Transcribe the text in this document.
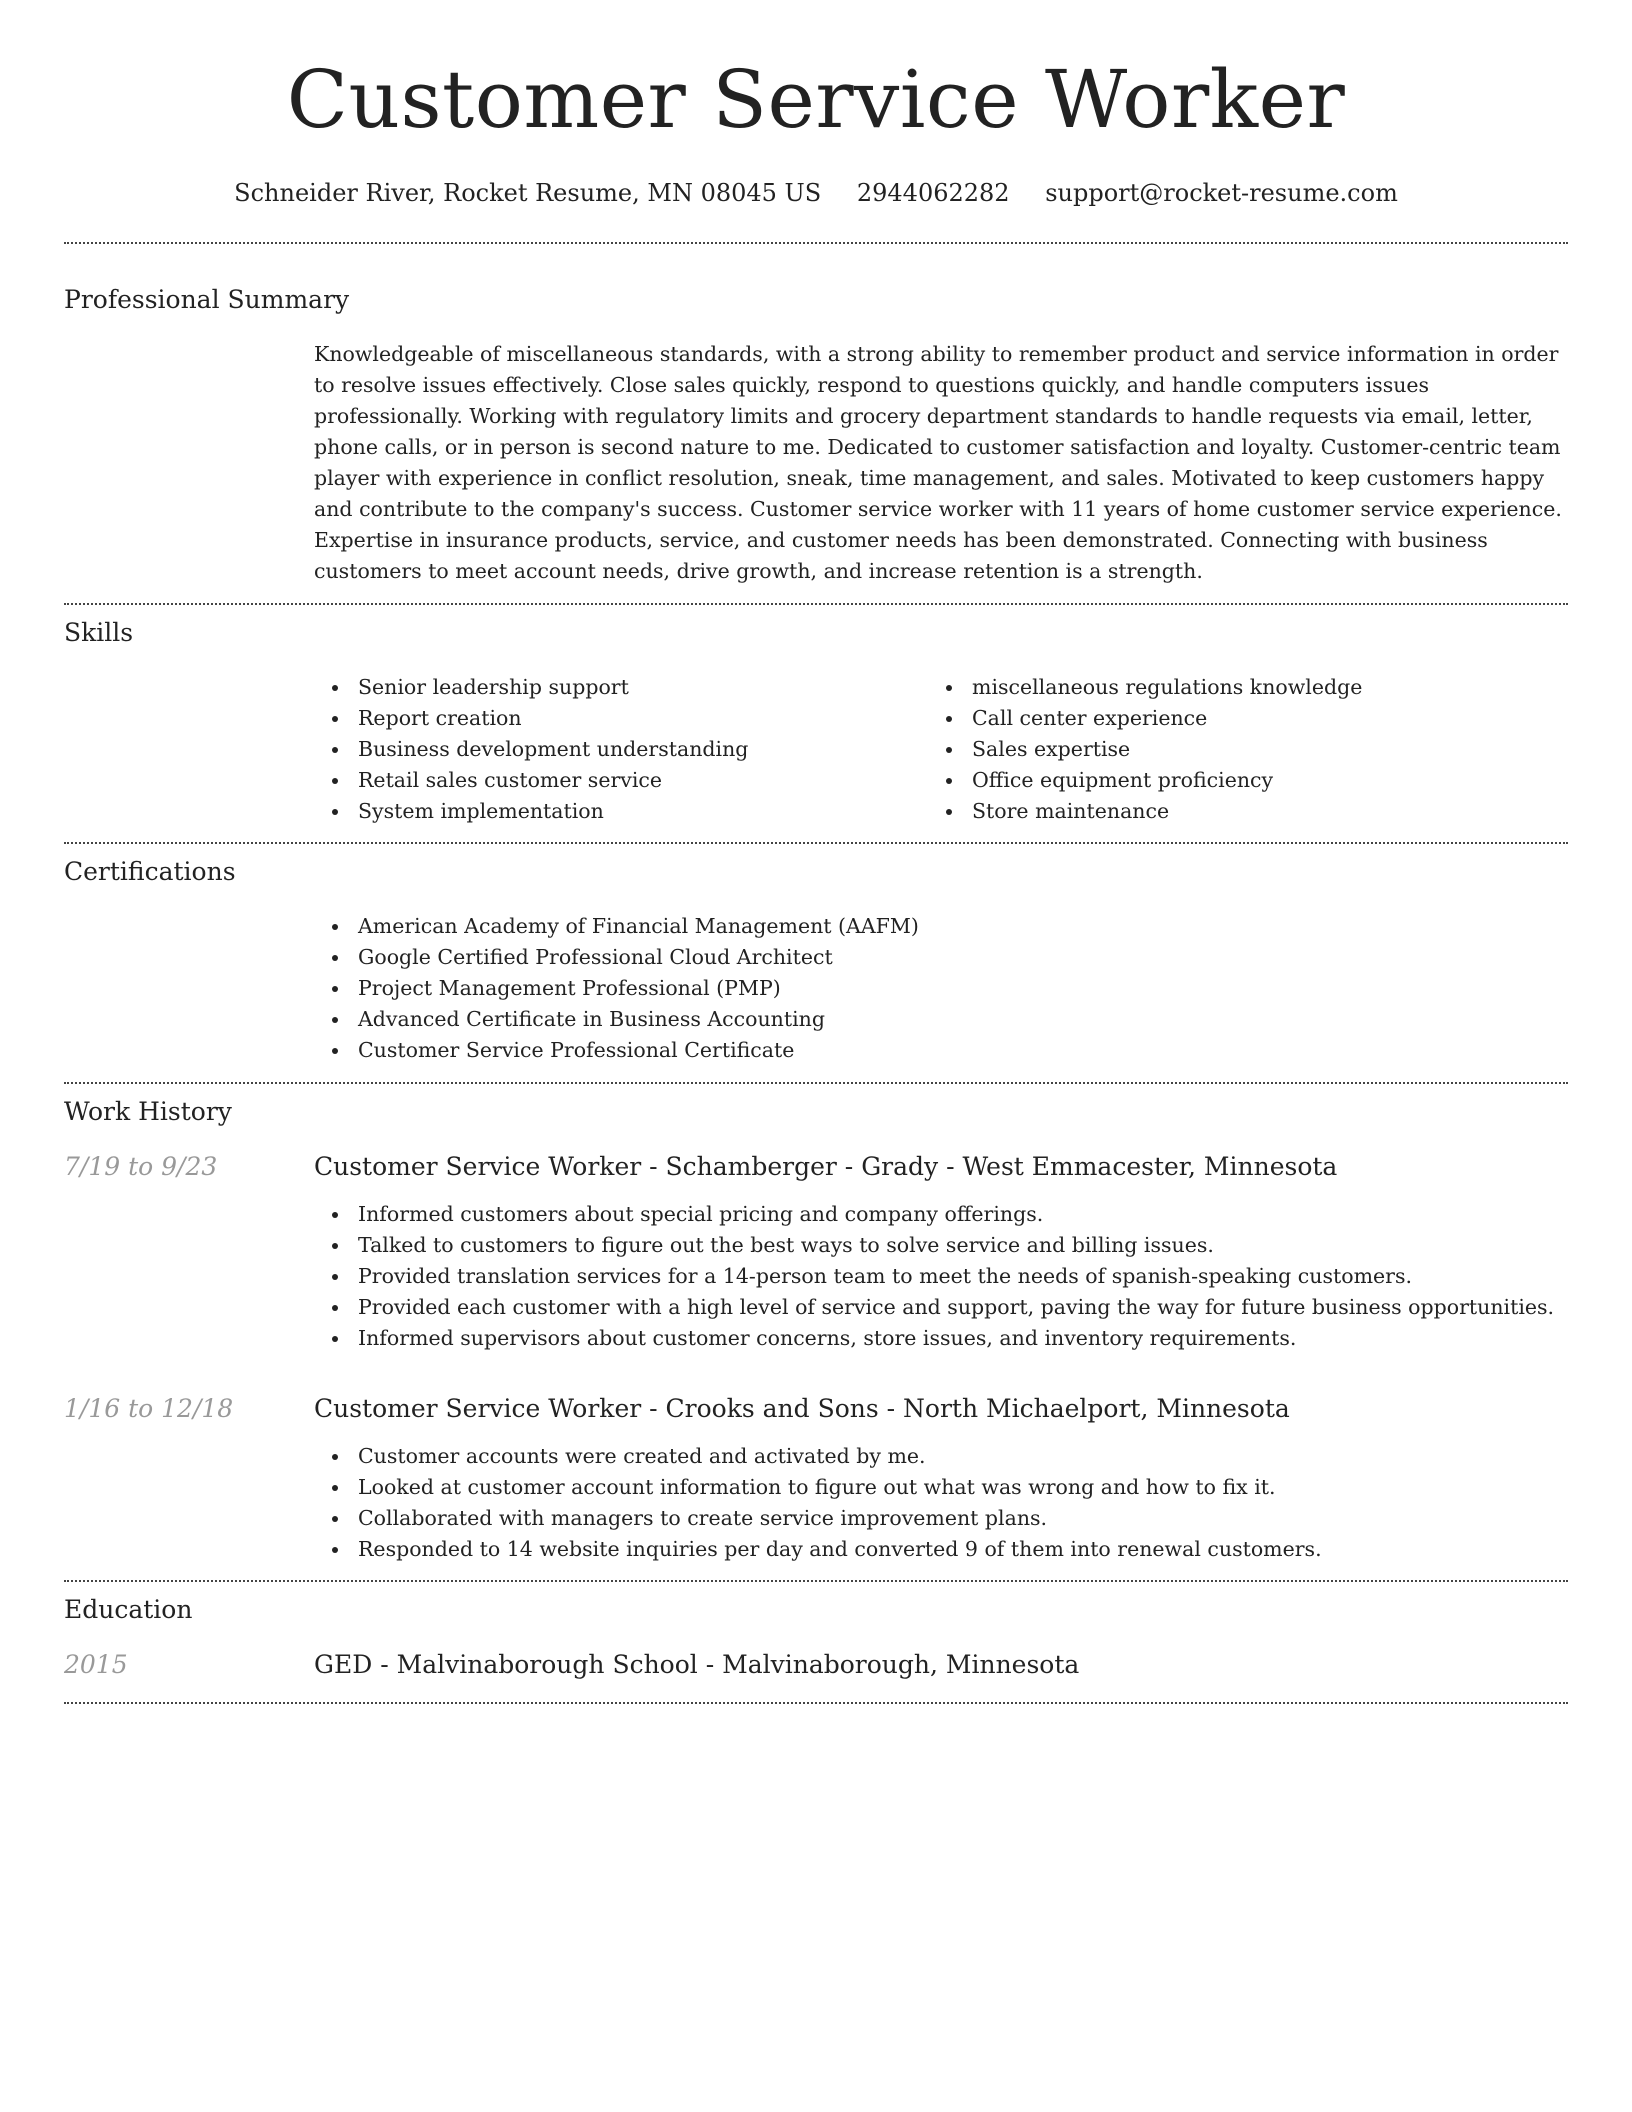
Customer Service Worker
Schneider River, Rocket Resume, MN 08045 US 2944062282 support@rocket-resume.com
Professional Summary

Knowledgeable of miscellaneous standards, with a strong ability to remember product and service information in order to resolve issues effectively. Close sales quickly, respond to questions quickly, and handle computers issues professionally. Working with regulatory limits and grocery department standards to handle requests via email, letter, phone calls, or in person is second nature to me. Dedicated to customer satisfaction and loyalty. Customer-centric team player with experience in conflict resolution, sneak, time management, and sales. Motivated to keep customers happy and contribute to the company's success. Customer service worker with 11 years of home customer service experience. Expertise in insurance products, service, and customer needs has been demonstrated. Connecting with business customers to meet account needs, drive growth, and increase retention is a strength.

Skills
Senior leadership support
Report creation
Business development understanding
Retail sales customer service
System implementation
miscellaneous regulations knowledge
Call center experience
Sales expertise
Office equipment proficiency
Store maintenance
Certifications
American Academy of Financial Management (AAFM)
Google Certified Professional Cloud Architect
Project Management Professional (PMP)
Advanced Certificate in Business Accounting
Customer Service Professional Certificate
Work History
7/19 to 9/23	Customer Service Worker - Schamberger - Grady - West Emmacester, Minnesota
Informed customers about special pricing and company offerings.
Talked to customers to figure out the best ways to solve service and billing issues.
Provided translation services for a 14-person team to meet the needs of spanish-speaking customers.
Provided each customer with a high level of service and support, paving the way for future business opportunities.
Informed supervisors about customer concerns, store issues, and inventory requirements.
1/16 to 12/18	Customer Service Worker - Crooks and Sons - North Michaelport, Minnesota
Customer accounts were created and activated by me.
Looked at customer account information to figure out what was wrong and how to fix it.
Collaborated with managers to create service improvement plans.
Responded to 14 website inquiries per day and converted 9 of them into renewal customers.
Education
2015	GED - Malvinaborough School - Malvinaborough, Minnesota
